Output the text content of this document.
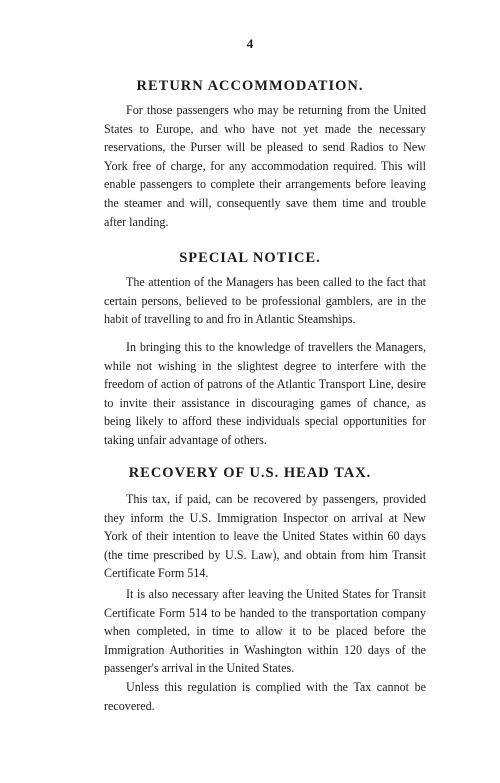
4
RETURN ACCOMMODATION.

For those passengers who may be returning from the United States to Europe, and who have not yet made the necessary reservations, the Purser will be pleased to send Radios to New York free of charge, for any accommodation required. This will enable passengers to complete their arrangements before leaving the steamer and will, consequently save them time and trouble after landing.

SPECIAL NOTICE.

The attention of the Managers has been called to the fact that certain persons, believed to be professional gamblers, are in the habit of travelling to and fro in Atlantic Steamships.

In bringing this to the knowledge of travellers the Managers, while not wishing in the slightest degree to interfere with the freedom of action of patrons of the Atlantic Transport Line, desire to invite their assistance in discouraging games of chance, as being likely to afford these individuals special opportunities for taking unfair advantage of others.

RECOVERY OF U.S. HEAD TAX.

This tax, if paid, can be recovered by passengers, provided they inform the U.S. Immigration Inspector on arrival at New York of their intention to leave the United States within 60 days (the time prescribed by U.S. Law), and obtain from him Transit Certificate Form 514.

It is also necessary after leaving the United States for Transit Certificate Form 514 to be handed to the transportation company when completed, in time to allow it to be placed before the Immigration Authorities in Washington within 120 days of the passenger's arrival in the United States.

Unless this regulation is complied with the Tax cannot be recovered.
